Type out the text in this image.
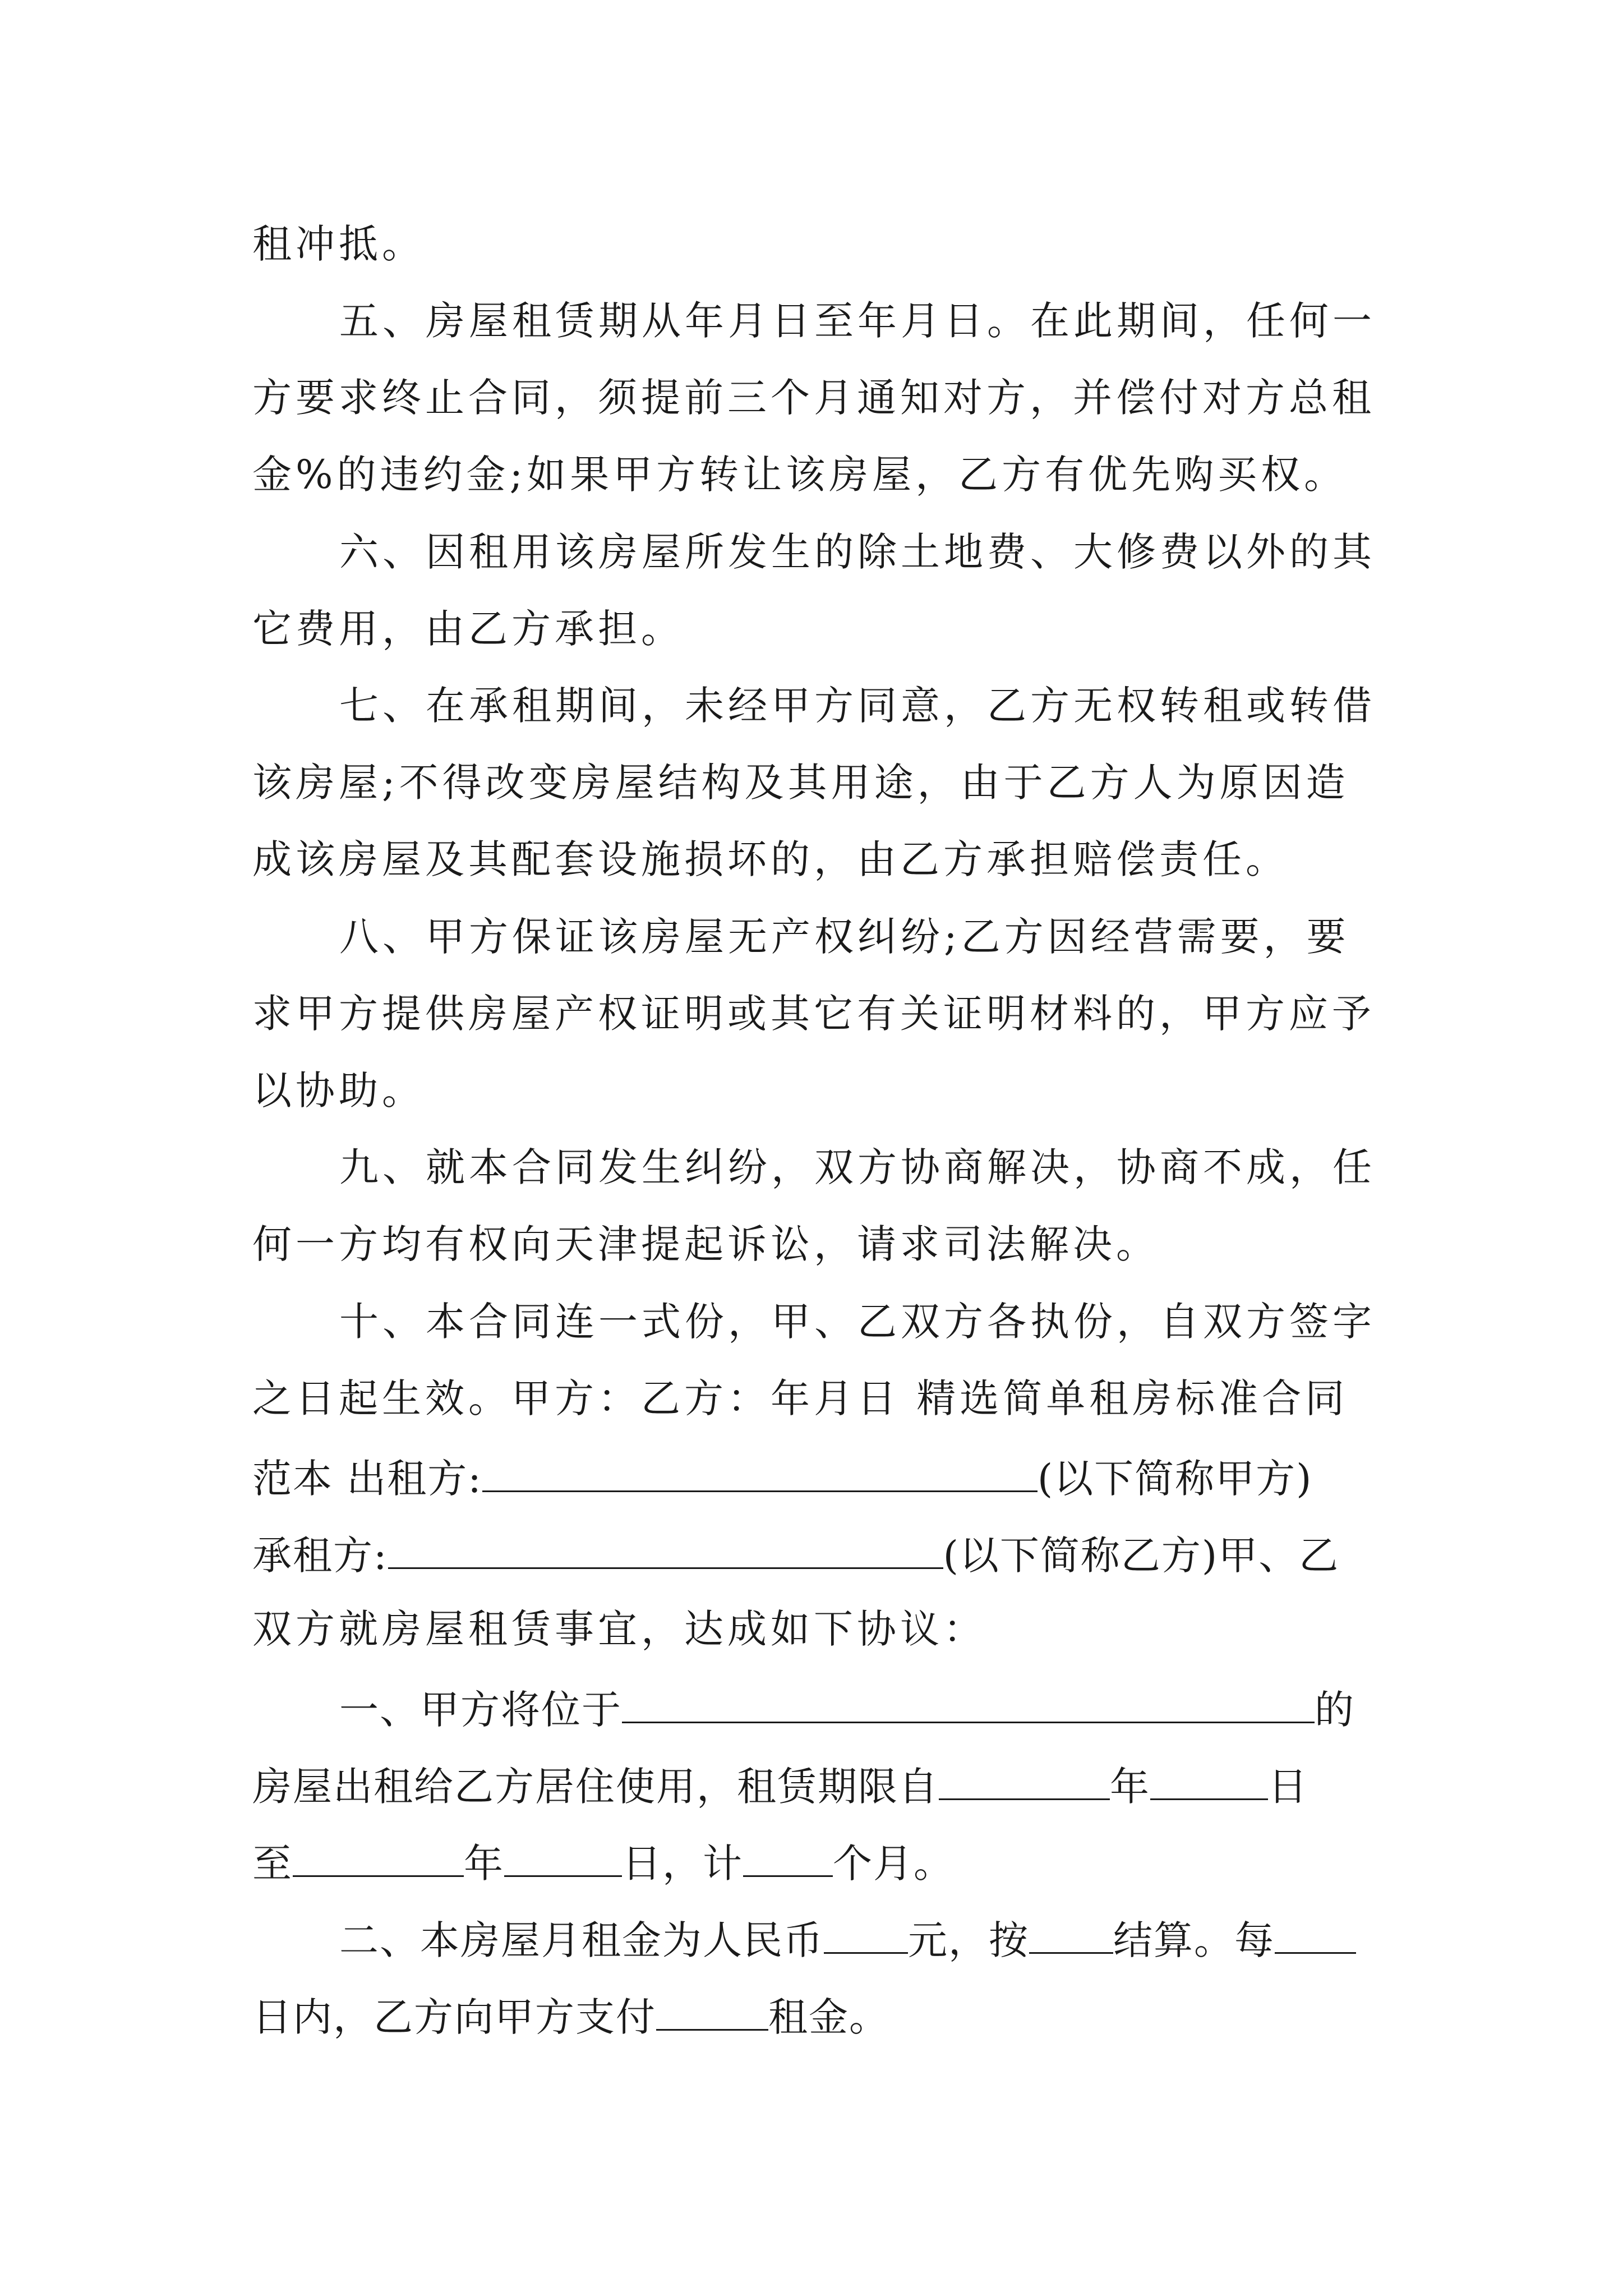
租冲抵。
五、房屋租赁期从年月日至年月日。在此期间，任何一
方要求终止合同，须提前三个月通知对方，并偿付对方总租
金%的违约金;如果甲方转让该房屋，乙方有优先购买权。
六、因租用该房屋所发生的除土地费、大修费以外的其
它费用，由乙方承担。
七、在承租期间，未经甲方同意，乙方无权转租或转借
该房屋;不得改变房屋结构及其用途，由于乙方人为原因造
成该房屋及其配套设施损坏的，由乙方承担赔偿责任。
八、甲方保证该房屋无产权纠纷;乙方因经营需要，要
求甲方提供房屋产权证明或其它有关证明材料的，甲方应予
以协助。
九、就本合同发生纠纷，双方协商解决，协商不成，任
何一方均有权向天津提起诉讼，请求司法解决。
十、本合同连一式份，甲、乙双方各执份，自双方签字
之日起生效。甲方：乙方：年月日 精选简单租房标准合同
范本 出租方:	(以下简称甲方)
承租方:	(以下简称乙方)甲、乙
双方就房屋租赁事宜，达成如下协议：
一、甲方将位于	的
房屋出租给乙方居住使用，租赁期限自	年	日
至	年	日，计 个月。
二、本房屋月租金为人民币 元，按 结算。每
日内，乙方向甲方支付	租金。
